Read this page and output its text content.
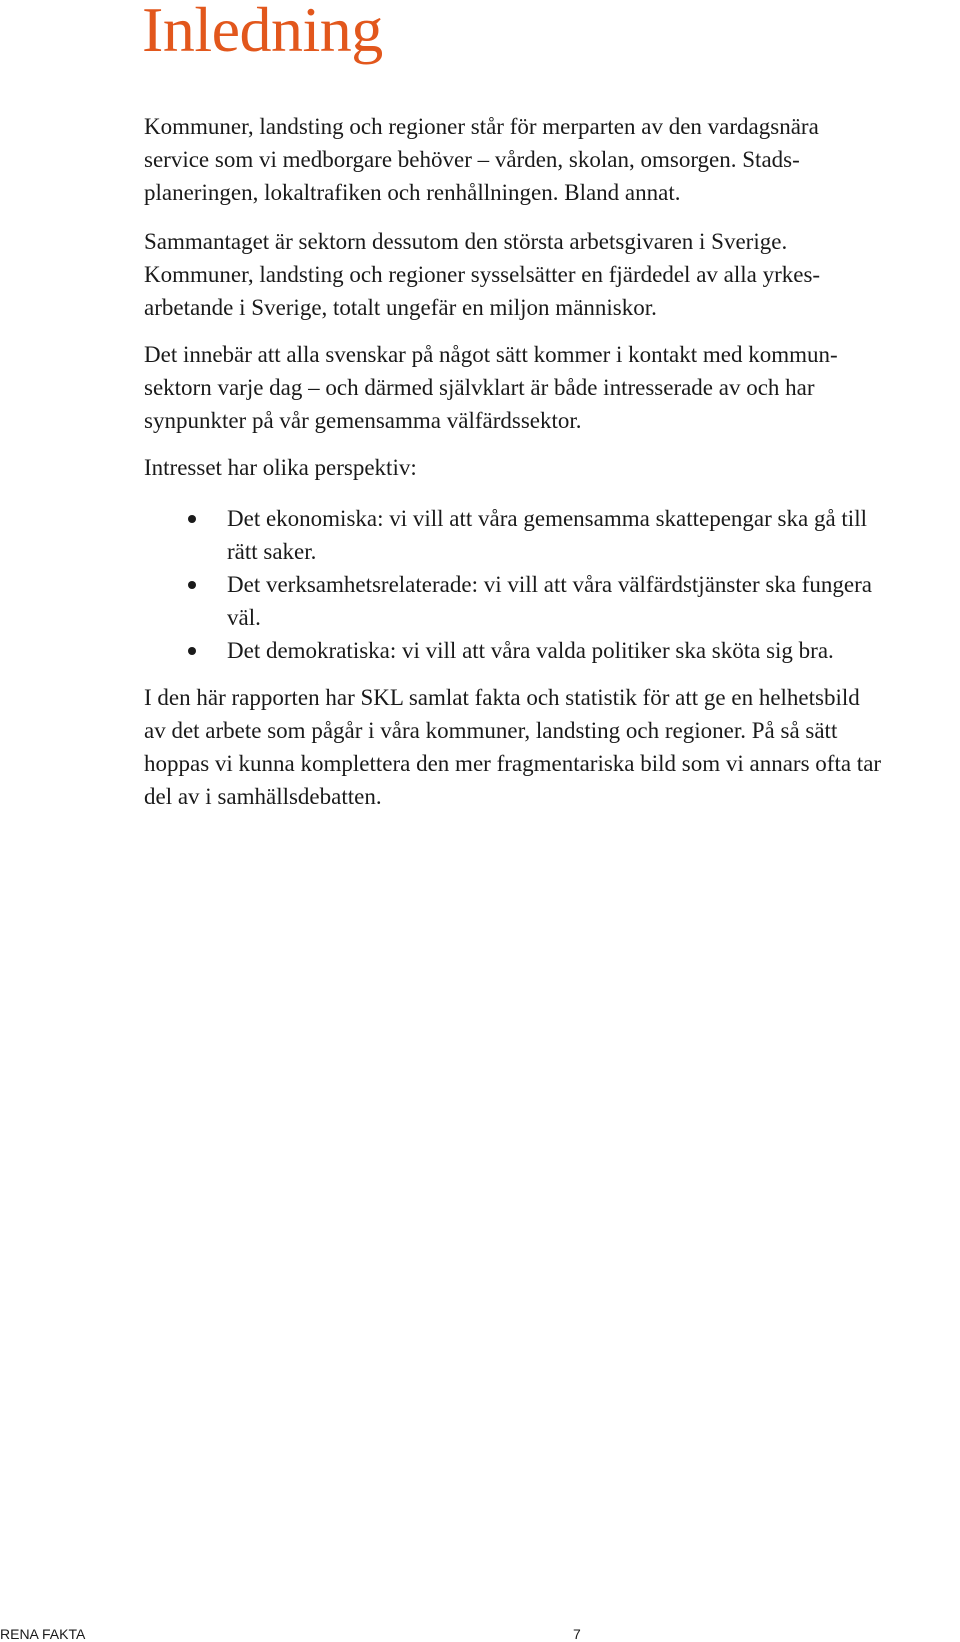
Inledning

Kommuner, landsting och regioner står för merparten av den vardagsnära
service som vi medborgare behöver – vården, skolan, omsorgen. Stads-
planeringen, lokaltrafiken och renhållningen. Bland annat.

Sammantaget är sektorn dessutom den största arbetsgivaren i Sverige.
Kommuner, landsting och regioner sysselsätter en fjärdedel av alla yrkes-
arbetande i Sverige, totalt ungefär en miljon människor.

Det innebär att alla svenskar på något sätt kommer i kontakt med kommun-
sektorn varje dag – och därmed självklart är både intresserade av och har
synpunkter på vår gemensamma välfärdssektor.

Intresset har olika perspektiv:

Det ekonomiska: vi vill att våra gemensamma skattepengar ska gå till
rätt saker.
Det verksamhetsrelaterade: vi vill att våra välfärdstjänster ska fungera
väl.
Det demokratiska: vi vill att våra valda politiker ska sköta sig bra.

I den här rapporten har SKL samlat fakta och statistik för att ge en helhetsbild
av det arbete som pågår i våra kommuner, landsting och regioner. På så sätt
hoppas vi kunna komplettera den mer fragmentariska bild som vi annars ofta tar
del av i samhällsdebatten.

RENA FAKTA	7
